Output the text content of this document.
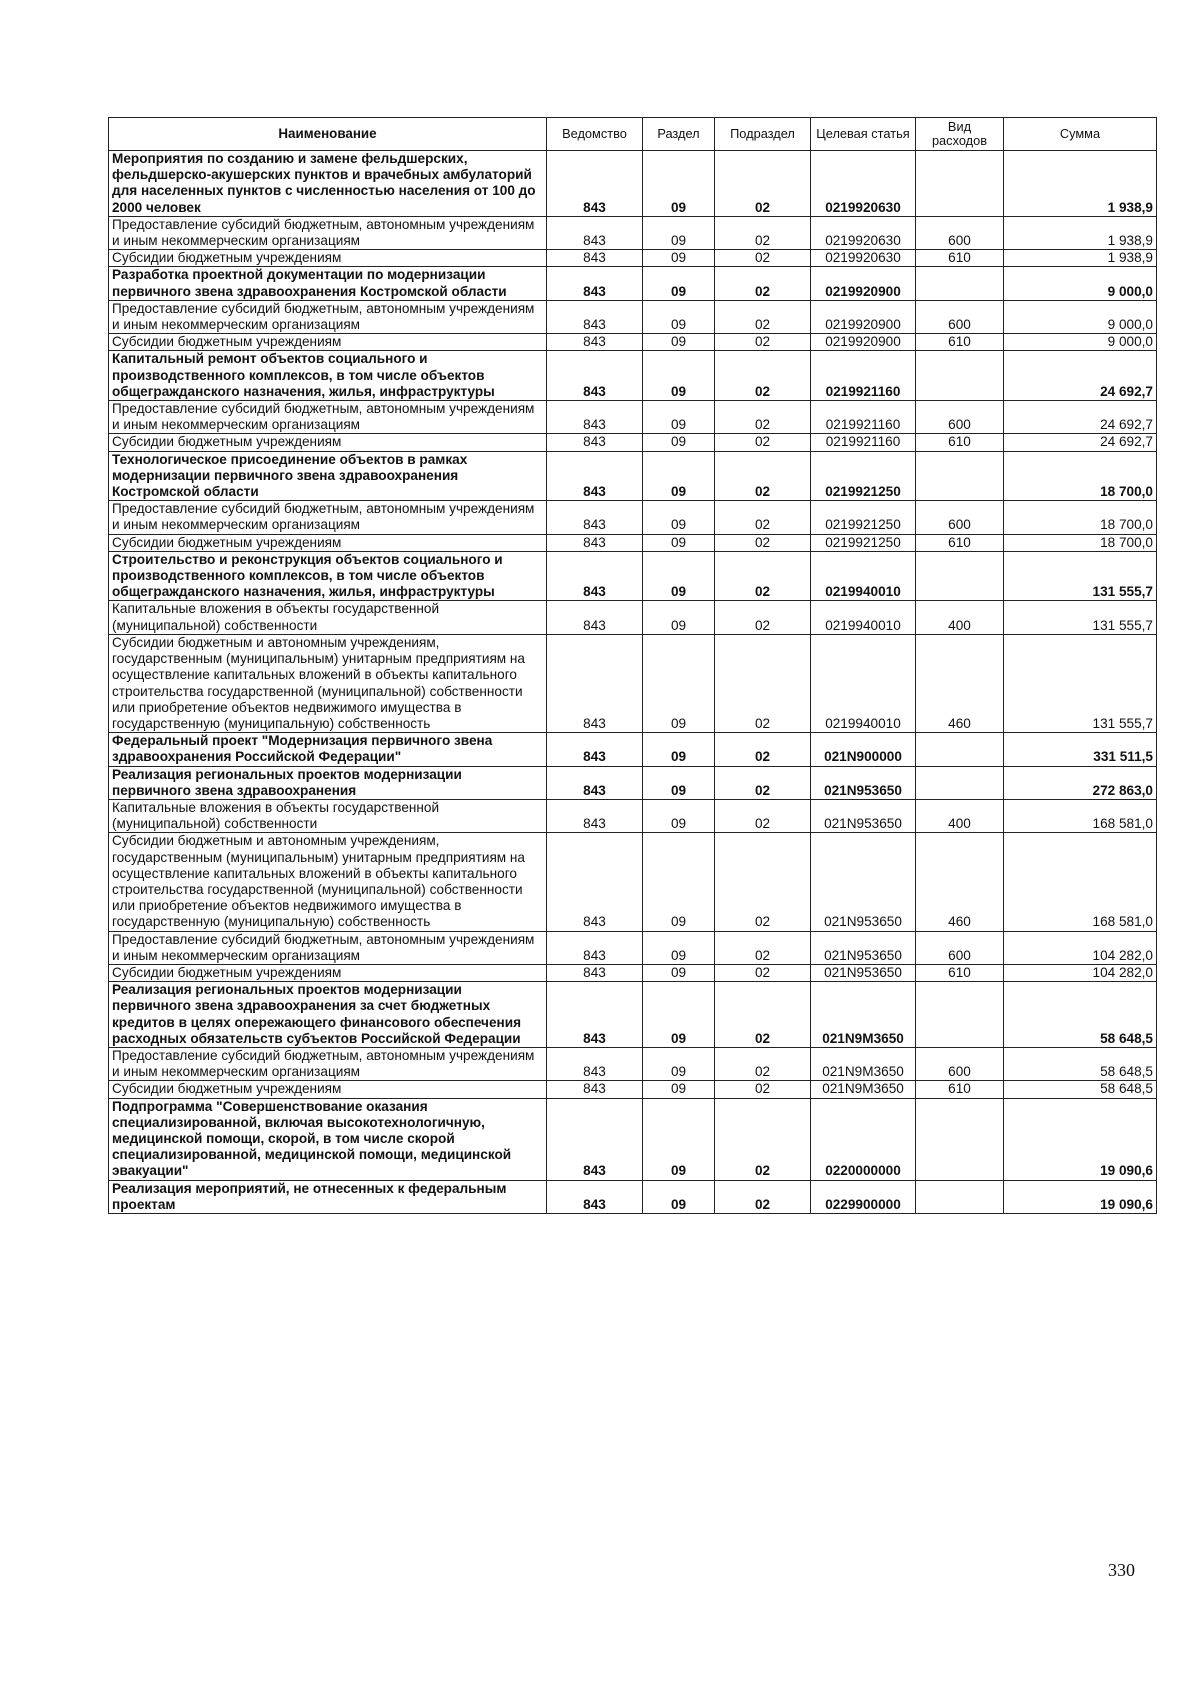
Наименование	Ведомство	Раздел	Подраздел	Целевая статья	Вид расходов	Сумма
Мероприятия по созданию и замене фельдшерских, фельдшерско-акушерских пунктов и врачебных амбулаторий для населенных пунктов с численностью населения от 100 до 2000 человек	843	09	02	0219920630		1 938,9
Предоставление субсидий бюджетным, автономным учреждениям и иным некоммерческим организациям	843	09	02	0219920630	600	1 938,9
Субсидии бюджетным учреждениям	843	09	02	0219920630	610	1 938,9
Разработка проектной документации по модернизации первичного звена здравоохранения Костромской области	843	09	02	0219920900		9 000,0
Предоставление субсидий бюджетным, автономным учреждениям и иным некоммерческим организациям	843	09	02	0219920900	600	9 000,0
Субсидии бюджетным учреждениям	843	09	02	0219920900	610	9 000,0
Капитальный ремонт объектов социального и производственного комплексов, в том числе объектов общегражданского назначения, жилья, инфраструктуры	843	09	02	0219921160		24 692,7
Предоставление субсидий бюджетным, автономным учреждениям и иным некоммерческим организациям	843	09	02	0219921160	600	24 692,7
Субсидии бюджетным учреждениям	843	09	02	0219921160	610	24 692,7
Технологическое присоединение объектов в рамках модернизации первичного звена здравоохранения Костромской области	843	09	02	0219921250		18 700,0
Предоставление субсидий бюджетным, автономным учреждениям и иным некоммерческим организациям	843	09	02	0219921250	600	18 700,0
Субсидии бюджетным учреждениям	843	09	02	0219921250	610	18 700,0
Строительство и реконструкция объектов социального и производственного комплексов, в том числе объектов общегражданского назначения, жилья, инфраструктуры	843	09	02	0219940010		131 555,7
Капитальные вложения в объекты государственной (муниципальной) собственности	843	09	02	0219940010	400	131 555,7
Субсидии бюджетным и автономным учреждениям, государственным (муниципальным) унитарным предприятиям на осуществление капитальных вложений в объекты капитального строительства государственной (муниципальной) собственности или приобретение объектов недвижимого имущества в государственную (муниципальную) собственность	843	09	02	0219940010	460	131 555,7
Федеральный проект "Модернизация первичного звена здравоохранения Российской Федерации"	843	09	02	021N900000		331 511,5
Реализация региональных проектов модернизации первичного звена здравоохранения	843	09	02	021N953650		272 863,0
Капитальные вложения в объекты государственной (муниципальной) собственности	843	09	02	021N953650	400	168 581,0
Субсидии бюджетным и автономным учреждениям, государственным (муниципальным) унитарным предприятиям на осуществление капитальных вложений в объекты капитального строительства государственной (муниципальной) собственности или приобретение объектов недвижимого имущества в государственную (муниципальную) собственность	843	09	02	021N953650	460	168 581,0
Предоставление субсидий бюджетным, автономным учреждениям и иным некоммерческим организациям	843	09	02	021N953650	600	104 282,0
Субсидии бюджетным учреждениям	843	09	02	021N953650	610	104 282,0
Реализация региональных проектов модернизации первичного звена здравоохранения за счет бюджетных кредитов в целях опережающего финансового обеспечения расходных обязательств субъектов Российской Федерации	843	09	02	021N9M3650		58 648,5
Предоставление субсидий бюджетным, автономным учреждениям и иным некоммерческим организациям	843	09	02	021N9M3650	600	58 648,5
Субсидии бюджетным учреждениям	843	09	02	021N9M3650	610	58 648,5
Подпрограмма "Совершенствование оказания специализированной, включая высокотехнологичную, медицинской помощи, скорой, в том числе скорой специализированной, медицинской помощи, медицинской эвакуации"	843	09	02	0220000000		19 090,6
Реализация мероприятий, не отнесенных к федеральным проектам	843	09	02	0229900000		19 090,6
330
